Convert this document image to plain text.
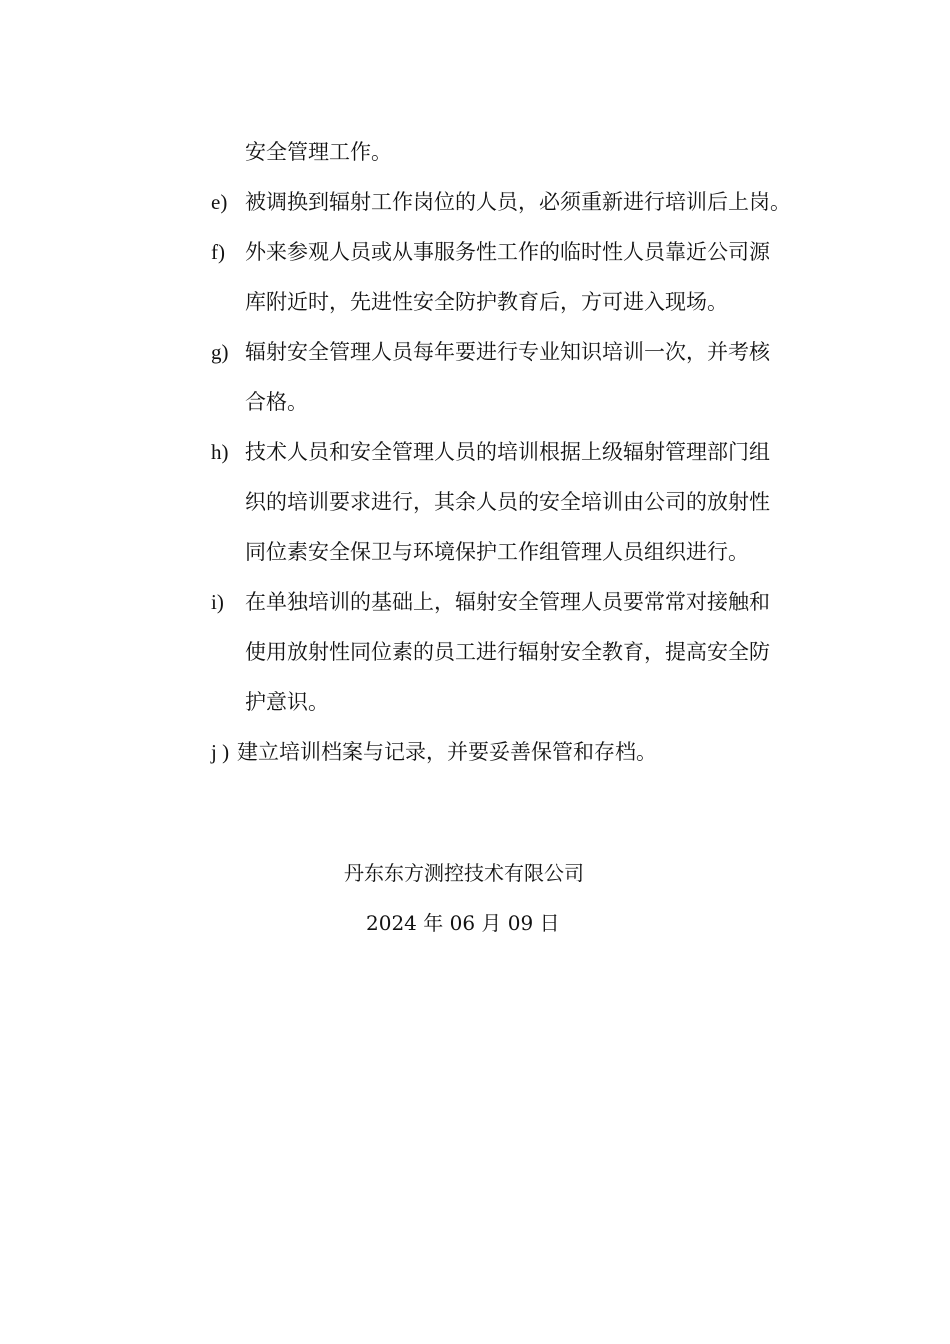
安全管理工作。
e) 被调换到辐射工作岗位的人员，必须重新进行培训后上岗。
f) 外来参观人员或从事服务性工作的临时性人员靠近公司源
库附近时，先进性安全防护教育后，方可进入现场。
g) 辐射安全管理人员每年要进行专业知识培训一次，并考核
合格。
h) 技术人员和安全管理人员的培训根据上级辐射管理部门组
织的培训要求进行，其余人员的安全培训由公司的放射性
同位素安全保卫与环境保护工作组管理人员组织进行。
i) 在单独培训的基础上，辐射安全管理人员要常常对接触和
使用放射性同位素的员工进行辐射安全教育，提高安全防
护意识。
j ) 建立培训档案与记录，并要妥善保管和存档。
丹东东方测控技术有限公司
2024 年 06 月 09 日
